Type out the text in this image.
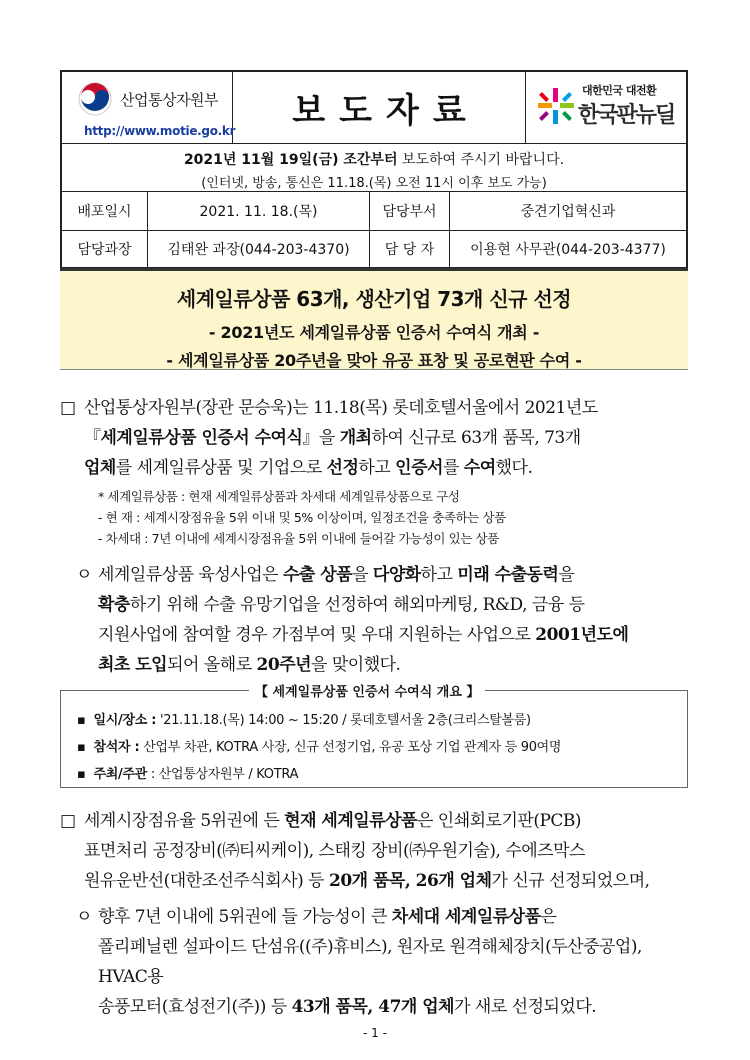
산업통상자원부
http://www.motie.go.kr	보도자료
대한민국 대전환
한국판뉴딜
2021년 11월 19일(금) 조간부터 보도하여 주시기 바랍니다.
(인터넷, 방송, 통신은 11.18.(목) 오전 11시 이후 보도 가능)
배포일시	2021. 11. 18.(목)	담당부서	중견기업혁신과
담당과장	김태완 과장(044-203-4370)	담 당 자	이용현 사무관(044-203-4377)
세계일류상품 63개, 생산기업 73개 신규 선정
- 2021년도 세계일류상품 인증서 수여식 개최 -
- 세계일류상품 20주년을 맞아 유공 표창 및 공로현판 수여 -
□ 산업통상자원부(장관 문승욱)는 11.18(목) 롯데호텔서울에서 2021년도
『세계일류상품 인증서 수여식』을 개최하여 신규로 63개 품목, 73개
업체를 세계일류상품 및 기업으로 선정하고 인증서를 수여했다.
* 세계일류상품 : 현재 세계일류상품과 차세대 세계일류상품으로 구성
- 현 재 : 세계시장점유율 5위 이내 및 5% 이상이며, 일정조건을 충족하는 상품
- 차세대 : 7년 이내에 세계시장점유율 5위 이내에 들어갈 가능성이 있는 상품
ㅇ 세계일류상품 육성사업은 수출 상품을 다양화하고 미래 수출동력을
확충하기 위해 수출 유망기업을 선정하여 해외마케팅, R&D, 금융 등
지원사업에 참여할 경우 가점부여 및 우대 지원하는 사업으로 2001년도에
최초 도입되어 올해로 20주년을 맞이했다.
【 세계일류상품 인증서 수여식 개요 】
▪ 일시/장소 : '21.11.18.(목) 14:00 ~ 15:20 / 롯데호텔서울 2층(크리스탈볼룸)
▪ 참석자 : 산업부 차관, KOTRA 사장, 신규 선정기업, 유공 포상 기업 관계자 등 90여명
▪ 주최/주관 : 산업통상자원부 / KOTRA
□ 세계시장점유율 5위권에 든 현재 세계일류상품은 인쇄회로기판(PCB)
표면처리 공정장비(㈜티씨케이), 스태킹 장비(㈜우원기술), 수에즈막스
원유운반선(대한조선주식회사) 등 20개 품목, 26개 업체가 신규 선정되었으며,
ㅇ 향후 7년 이내에 5위권에 들 가능성이 큰 차세대 세계일류상품은
폴리페닐렌 설파이드 단섬유((주)휴비스), 원자로 원격해체장치(두산중공업), HVAC용
송풍모터(효성전기(주)) 등 43개 품목, 47개 업체가 새로 선정되었다.
- 1 -
